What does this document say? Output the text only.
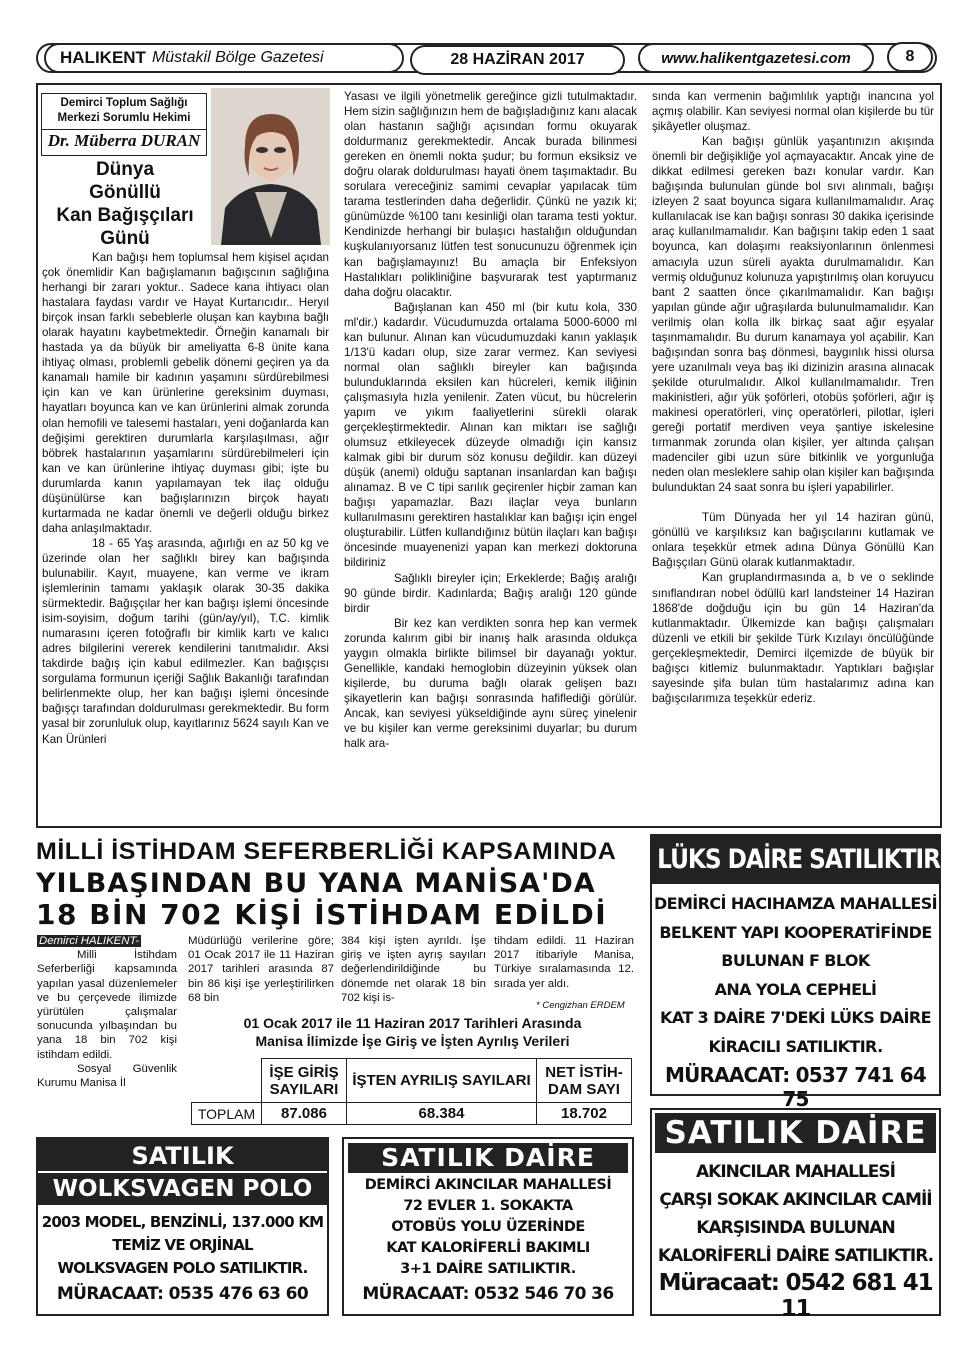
HALIKENT Müstakil Bölge Gazetesi	28 HAZİRAN 2017	www.halikentgazetesi.com	8
Demirci Toplum Sağlığı
Merkezi Sorumlu Hekimi
Dr. Müberra DURAN
Dünya
Gönüllü
Kan Bağışçıları
Günü

Kan bağışı hem toplumsal hem kişisel açıdan çok önemlidir Kan bağışlamanın bağışcının sağlığına herhangi bir zararı yoktur.. Sadece kana ihtiyacı olan hastalara faydası vardır ve Hayat Kurtarıcıdır.. Heryıl birçok insan farklı sebeblerle oluşan kan kaybına bağlı olarak hayatını kaybetmektedir. Örneğin kanamalı bir hastada ya da büyük bir ameliyatta 6-8 ünite kana ihtiyaç olması, problemli gebelik dönemi geçiren ya da kanamalı hamile bir kadının yaşamını sürdürebilmesi için kan ve kan ürünlerine gereksinim duyması, hayatları boyunca kan ve kan ürünlerini almak zorunda olan hemofili ve talesemi hastaları, yeni doğanlarda kan değişimi gerektiren durumlarla karşılaşılması, ağır böbrek hastalarının yaşamlarını sürdürebilmeleri için kan ve kan ürünlerine ihtiyaç duyması gibi; işte bu durumlarda kanın yapılamayan tek ilaç olduğu düşünülürse kan bağışlarınızın birçok hayatı kurtarmada ne kadar önemli ve değerli olduğu birkez daha anlaşılmaktadır.

18 - 65 Yaş arasında, ağırlığı en az 50 kg ve üzerinde olan her sağlıklı birey kan bağışında bulunabilir. Kayıt, muayene, kan verme ve ikram işlemlerinin tamamı yaklaşık olarak 30-35 dakika sürmektedir. Bağışçılar her kan bağışı işlemi öncesinde isim-soyisim, doğum tarihi (gün/ay/yıl), T.C. kimlik numarasını içeren fotoğraflı bir kimlik kartı ve kalıcı adres bilgilerini vererek kendilerini tanıtmalıdır. Aksi takdirde bağış için kabul edilmezler. Kan bağışçısı sorgulama formunun içeriği Sağlık Bakanlığı tarafından belirlenmekte olup, her kan bağışı işlemi öncesinde bağışçı tarafından doldurulması gerekmektedir. Bu form yasal bir zorunluluk olup, kayıtlarınız 5624 sayılı Kan ve Kan Ürünleri

Yasası ve ilgili yönetmelik gereğince gizli tutulmaktadır. Hem sizin sağlığınızın hem de bağışladığınız kanı alacak olan hastanın sağlığı açısından formu okuyarak doldurmanız gerekmektedir. Ancak burada bilinmesi gereken en önemli nokta şudur; bu formun eksiksiz ve doğru olarak doldurulması hayati önem taşımaktadır. Bu sorulara vereceğiniz samimi cevaplar yapılacak tüm tarama testlerinden daha değerlidir. Çünkü ne yazık ki; günümüzde %100 tanı kesinliği olan tarama testi yoktur. Kendinizde herhangi bir bulaşıcı hastalığın olduğundan kuşkulanıyorsanız lütfen test sonucunuzu öğrenmek için kan bağışlamayınız! Bu amaçla bir Enfeksiyon Hastalıkları polikliniğine başvurarak test yaptırmanız daha doğru olacaktır.

Bağışlanan kan 450 ml (bir kutu kola, 330 ml'dir.) kadardır. Vücudumuzda ortalama 5000-6000 ml kan bulunur. Alınan kan vücudumuzdaki kanın yaklaşık 1/13'ü kadarı olup, size zarar vermez. Kan seviyesi normal olan sağlıklı bireyler kan bağışında bulunduklarında eksilen kan hücreleri, kemik iliğinin çalışmasıyla hızla yenilenir. Zaten vücut, bu hücrelerin yapım ve yıkım faaliyetlerini sürekli olarak gerçekleştirmektedir. Alınan kan miktarı ise sağlığı olumsuz etkileyecek düzeyde olmadığı için kansız kalmak gibi bir durum söz konusu değildir. kan düzeyi düşük (anemi) olduğu saptanan insanlardan kan bağışı alınamaz. B ve C tipi sarılık geçirenler hiçbir zaman kan bağışı yapamazlar. Bazı ilaçlar veya bunların kullanılmasını gerektiren hastalıklar kan bağışı için engel oluşturabilir. Lütfen kullandığınız bütün ilaçları kan bağışı öncesinde muayenenizi yapan kan merkezi doktoruna bildiriniz

Sağlıklı bireyler için; Erkeklerde; Bağış aralığı 90 günde birdir. Kadınlarda; Bağış aralığı 120 günde birdir

Bir kez kan verdikten sonra hep kan vermek zorunda kalırım gibi bir inanış halk arasında oldukça yaygın olmakla birlikte bilimsel bir dayanağı yoktur. Genellikle, kandaki hemoglobin düzeyinin yüksek olan kişilerde, bu duruma bağlı olarak gelişen bazı şikayetlerin kan bağışı sonrasında hafiflediği görülür. Ancak, kan seviyesi yükseldiğinde aynı süreç yinelenir ve bu kişiler kan verme gereksinimi duyarlar; bu durum halk ara-

sında kan vermenin bağımlılık yaptığı inancına yol açmış olabilir. Kan seviyesi normal olan kişilerde bu tür şikâyetler oluşmaz.

Kan bağışı günlük yaşantınızın akışında önemli bir değişikliğe yol açmayacaktır. Ancak yine de dikkat edilmesi gereken bazı konular vardır. Kan bağışında bulunulan günde bol sıvı alınmalı, bağışı izleyen 2 saat boyunca sigara kullanılmamalıdır. Araç kullanılacak ise kan bağışı sonrası 30 dakika içerisinde araç kullanılmamalıdır. Kan bağışını takip eden 1 saat boyunca, kan dolaşımı reaksiyonlarının önlenmesi amacıyla uzun süreli ayakta durulmamalıdır. Kan vermiş olduğunuz kolunuza yapıştırılmış olan koruyucu bant 2 saatten önce çıkarılmamalıdır. Kan bağışı yapılan günde ağır uğraşılarda bulunulmamalıdır. Kan verilmiş olan kolla ilk birkaç saat ağır eşyalar taşınmamalıdır. Bu durum kanamaya yol açabilir. Kan bağışından sonra baş dönmesi, baygınlık hissi olursa yere uzanılmalı veya baş iki dizinizin arasına alınacak şekilde oturulmalıdır. Alkol kullanılmamalıdır. Tren makinistleri, ağır yük şoförleri, otobüs şoförleri, ağır iş makinesi operatörleri, vinç operatörleri, pilotlar, işleri gereği portatif merdiven veya şantiye iskelesine tırmanmak zorunda olan kişiler, yer altında çalışan madenciler gibi uzun süre bitkinlik ve yorgunluğa neden olan mesleklere sahip olan kişiler kan bağışında bulunduktan 24 saat sonra bu işleri yapabilirler.

Tüm Dünyada her yıl 14 haziran günü, gönüllü ve karşılıksız kan bağışcılarını kutlamak ve onlara teşekkür etmek adına Dünya Gönüllü Kan Bağışçıları Günü olarak kutlanmaktadır.

Kan gruplandırmasında a, b ve o seklinde sınıflandıran nobel ödüllü karl landsteiner 14 Haziran 1868'de doğduğu için bu gün 14 Haziran'da kutlanmaktadır. Ülkemizde kan bağışı çalışmaları düzenli ve etkili bir şekilde Türk Kızılayı öncülüğünde gerçekleşmektedir, Demirci ilçemizde de büyük bir bağışcı kitlemiz bulunmaktadır. Yaptıkları bağışlar sayesinde şifa bulan tüm hastalarımız adına kan bağışcılarımıza teşekkür ederiz.

MİLLİ İSTİHDAM SEFERBERLİĞİ KAPSAMINDA
YILBAŞINDAN BU YANA MANİSA'DA
18 BİN 702 KİŞİ İSTİHDAM EDİLDİ
Demirci HALIKENT-

Milli İstihdam Seferberliği kapsamında yapılan yasal düzenlemeler ve bu çerçevede ilimizde yürütülen çalışmalar sonucunda yılbaşından bu yana 18 bin 702 kişi istihdam edildi.

Sosyal Güvenlik Kurumu Manisa İl

Müdürlüğü verilerine göre; 01 Ocak 2017 ile 11 Haziran 2017 tarihleri arasında 87 bin 86 kişi işe yerleştirilirken 68 bin

384 kişi işten ayrıldı. İşe giriş ve işten ayrış sayıları değerlendirildiğinde bu dönemde net olarak 18 bin 702 kişi is-

tihdam edildi. 11 Haziran 2017 itibariyle Manisa, Türkiye sıralamasında 12. sırada yer aldı.

* Cengizhan ERDEM
01 Ocak 2017 ile 11 Haziran 2017 Tarihleri Arasında
Manisa İlimizde İşe Giriş ve İşten Ayrılış Verileri
	İŞE GİRİŞ SAYILARI	İŞTEN AYRILIŞ SAYILARI	NET İSTİH- DAM SAYI
TOPLAM	87.086	68.384	18.702
LÜKS DAİRE SATILIKTIR
DEMİRCİ HACIHAMZA MAHALLESİ
BELKENT YAPI KOOPERATİFİNDE
BULUNAN F BLOK
ANA YOLA CEPHELİ
KAT 3 DAİRE 7'DEKİ LÜKS DAİRE
KİRACILI SATILIKTIR.
MÜRAACAT: 0537 741 64 75
SATILIK
WOLKSVAGEN POLO
2003 MODEL, BENZİNLİ, 137.000 KM
TEMİZ VE ORJİNAL
WOLKSVAGEN POLO SATILIKTIR.
MÜRACAAT: 0535 476 63 60
SATILIK DAİRE
DEMİRCİ AKINCILAR MAHALLESİ
72 EVLER 1. SOKAKTA
OTOBÜS YOLU ÜZERİNDE
KAT KALORİFERLİ BAKIMLI
3+1 DAİRE SATILIKTIR.
MÜRACAAT: 0532 546 70 36
SATILIK DAİRE
AKINCILAR MAHALLESİ
ÇARŞI SOKAK AKINCILAR CAMİİ
KARŞISINDA BULUNAN
KALORİFERLİ DAİRE SATILIKTIR.
Müracaat: 0542 681 41 11
